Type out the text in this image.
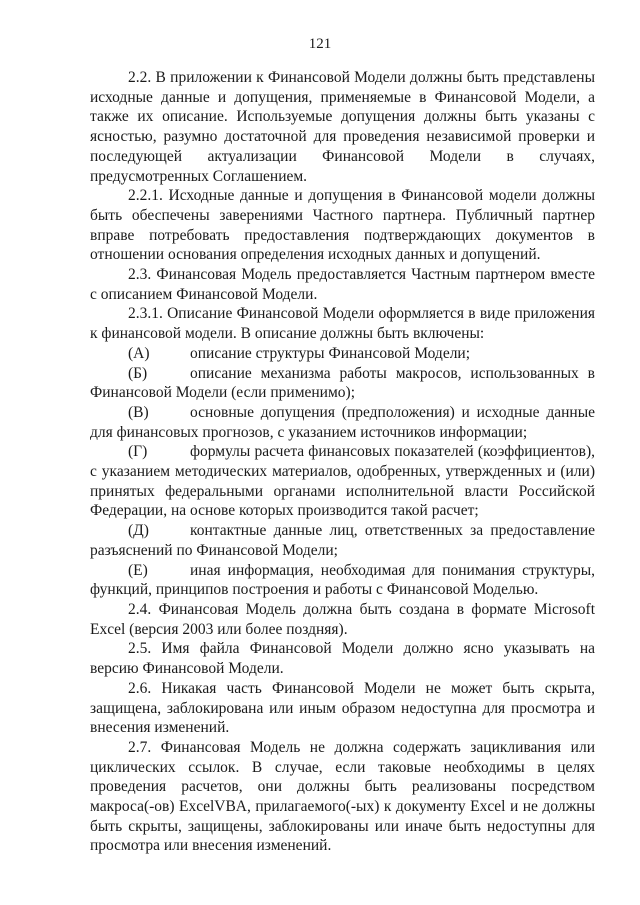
121

2.2. В приложении к Финансовой Модели должны быть представлены исходные данные и допущения, применяемые в Финансовой Модели, а также их описание. Используемые допущения должны быть указаны с ясностью, разумно достаточной для проведения независимой проверки и последующей актуализации Финансовой Модели в случаях, предусмотренных Соглашением.

2.2.1. Исходные данные и допущения в Финансовой модели должны быть обеспечены заверениями Частного партнера. Публичный партнер вправе потребовать предоставления подтверждающих документов в отношении основания определения исходных данных и допущений.

2.3. Финансовая Модель предоставляется Частным партнером вместе с описанием Финансовой Модели.

2.3.1. Описание Финансовой Модели оформляется в виде приложения к финансовой модели. В описание должны быть включены:

(А)	описание структуры Финансовой Модели;

(Б)	описание механизма работы макросов, использованных в Финансовой Модели (если применимо);

(В)	основные допущения (предположения) и исходные данные для финансовых прогнозов, с указанием источников информации;

(Г)	формулы расчета финансовых показателей (коэффициентов), с указанием методических материалов, одобренных, утвержденных и (или) принятых федеральными органами исполнительной власти Российской Федерации, на основе которых производится такой расчет;

(Д)	контактные данные лиц, ответственных за предоставление разъяснений по Финансовой Модели;

(Е)	иная информация, необходимая для понимания структуры, функций, принципов построения и работы с Финансовой Моделью.

2.4. Финансовая Модель должна быть создана в формате Microsoft Excel (версия 2003 или более поздняя).

2.5. Имя файла Финансовой Модели должно ясно указывать на версию Финансовой Модели.

2.6. Никакая часть Финансовой Модели не может быть скрыта, защищена, заблокирована или иным образом недоступна для просмотра и внесения изменений.

2.7. Финансовая Модель не должна содержать зацикливания или циклических ссылок. В случае, если таковые необходимы в целях проведения расчетов, они должны быть реализованы посредством макроса(-ов) ExcelVBA, прилагаемого(-ых) к документу Excel и не должны быть скрыты, защищены, заблокированы или иначе быть недоступны для просмотра или внесения изменений.
